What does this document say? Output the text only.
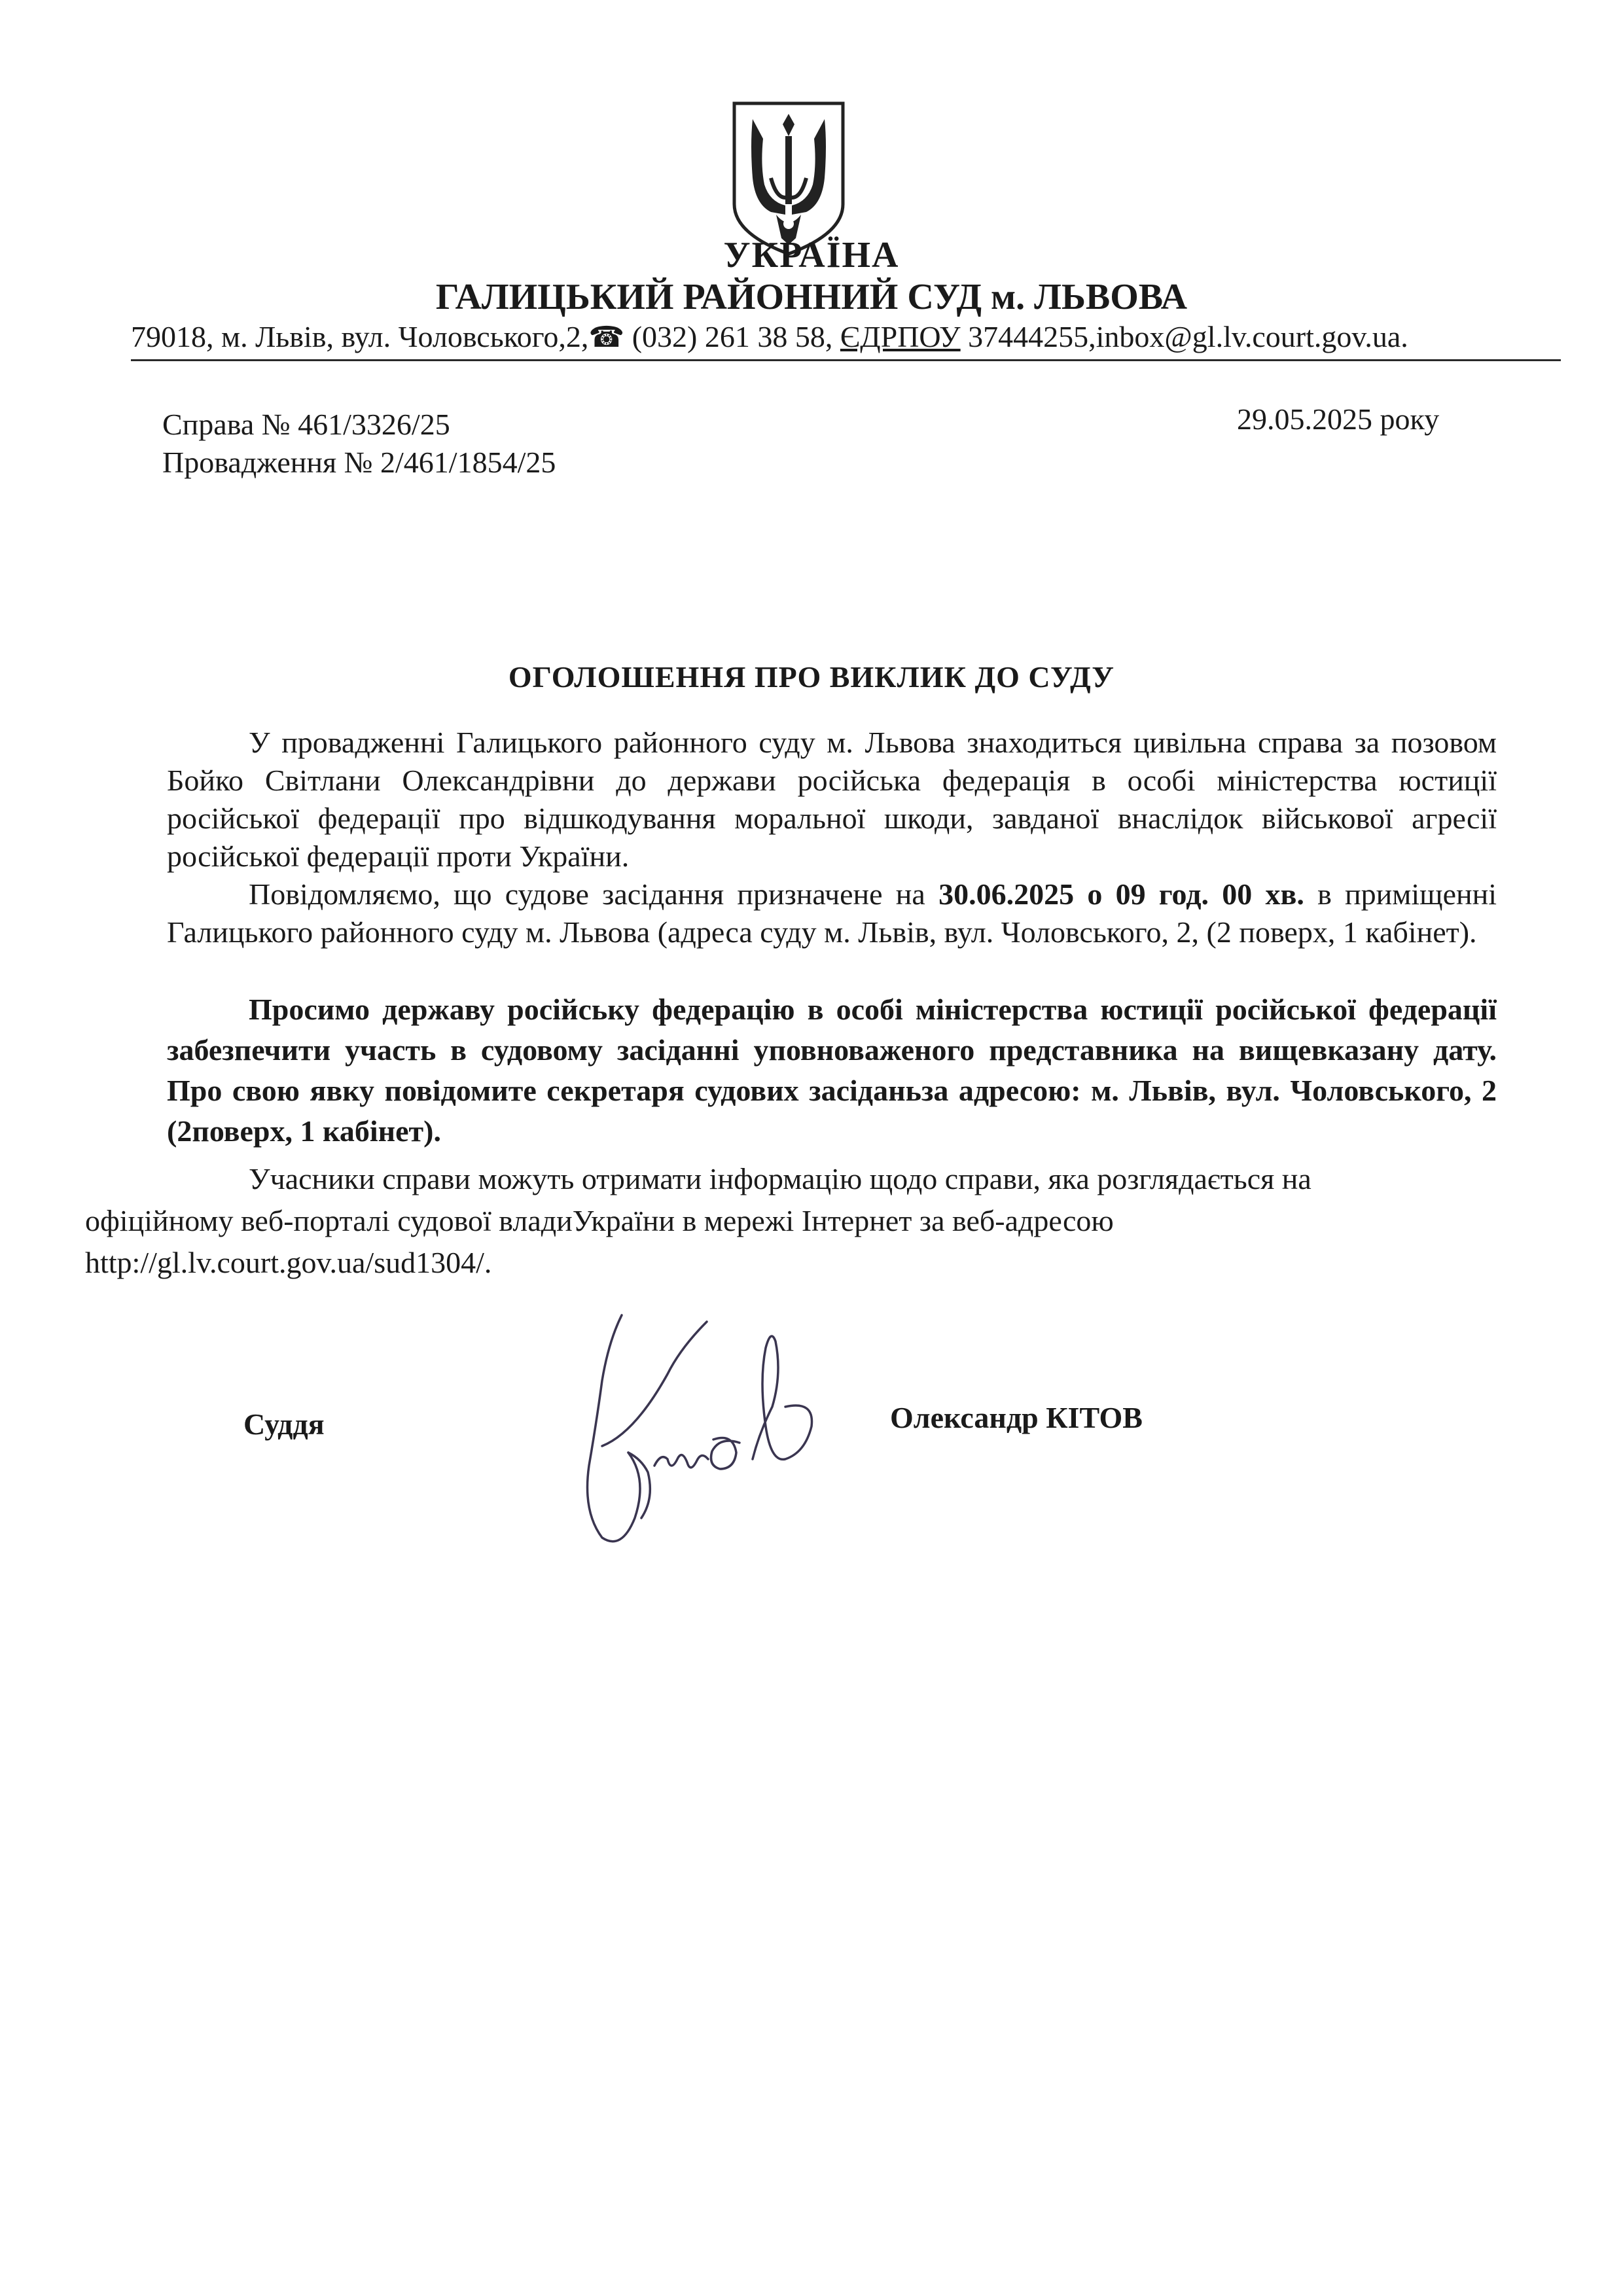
УКРАЇНА
ГАЛИЦЬКИЙ РАЙОННИЙ СУД м. ЛЬВОВА
79018, м. Львів, вул. Чоловського,2,☎ (032) 261 38 58, ЄДРПОУ 37444255,inbox@gl.lv.court.gov.ua.
Справа № 461/3326/25
Провадження № 2/461/1854/25
29.05.2025 року
ОГОЛОШЕННЯ ПРО ВИКЛИК ДО СУДУ

У провадженні Галицького районного суду м. Львова знаходиться цивільна справа за позовом Бойко Світлани Олександрівни до держави російська федерація в особі міністерства юстиції російської федерації про відшкодування моральної шкоди, завданої внаслідок військової агресії російської федерації проти України.

Повідомляємо, що судове засідання призначене на 30.06.2025 о 09 год. 00 хв. в приміщенні Галицького районного суду м. Львова (адреса суду м. Львів, вул. Чоловського, 2, (2 поверх, 1 кабінет).

Просимо державу російську федерацію в особі міністерства юстиції російської федерації забезпечити участь в судовому засіданні уповноваженого представника на вищевказану дату. Про свою явку повідомите секретаря судових засіданьза адресою: м. Львів, вул. Чоловського, 2 (2поверх, 1 кабінет).

Учасники справи можуть отримати інформацію щодо справи, яка розглядається на
офіційному веб-порталі судової владиУкраїни в мережі Інтернет за веб-адресою
http://gl.lv.court.gov.ua/sud1304/.

Суддя	Олександр КІТОВ
